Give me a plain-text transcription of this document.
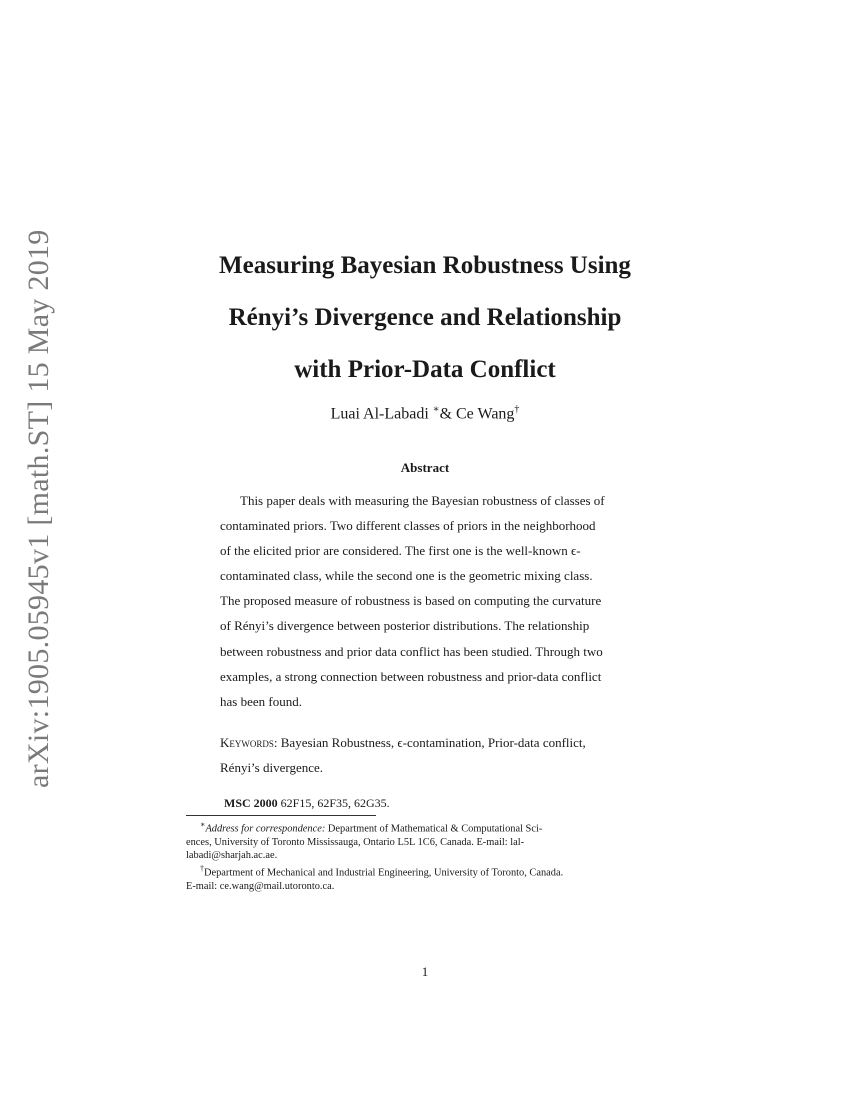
arXiv:1905.05945v1 [math.ST] 15 May 2019	Measuring Bayesian Robustness Using
Rényi’s Divergence and Relationship
with Prior-Data Conflict
Luai Al-Labadi ∗& Ce Wang†
Abstract
This paper deals with measuring the Bayesian robustness of classes of
contaminated priors. Two different classes of priors in the neighborhood
of the elicited prior are considered. The first one is the well-known ϵ-
contaminated class, while the second one is the geometric mixing class.
The proposed measure of robustness is based on computing the curvature
of Rényi’s divergence between posterior distributions. The relationship
between robustness and prior data conflict has been studied. Through two
examples, a strong connection between robustness and prior-data conflict
has been found.
Keywords: Bayesian Robustness, ϵ-contamination, Prior-data conflict,
Rényi’s divergence.
MSC 2000 62F15, 62F35, 62G35.
∗Address for correspondence: Department of Mathematical & Computational Sci-
ences, University of Toronto Mississauga, Ontario L5L 1C6, Canada. E-mail: lal-
labadi@sharjah.ac.ae.
†Department of Mechanical and Industrial Engineering, University of Toronto, Canada.
E-mail: ce.wang@mail.utoronto.ca.
1
